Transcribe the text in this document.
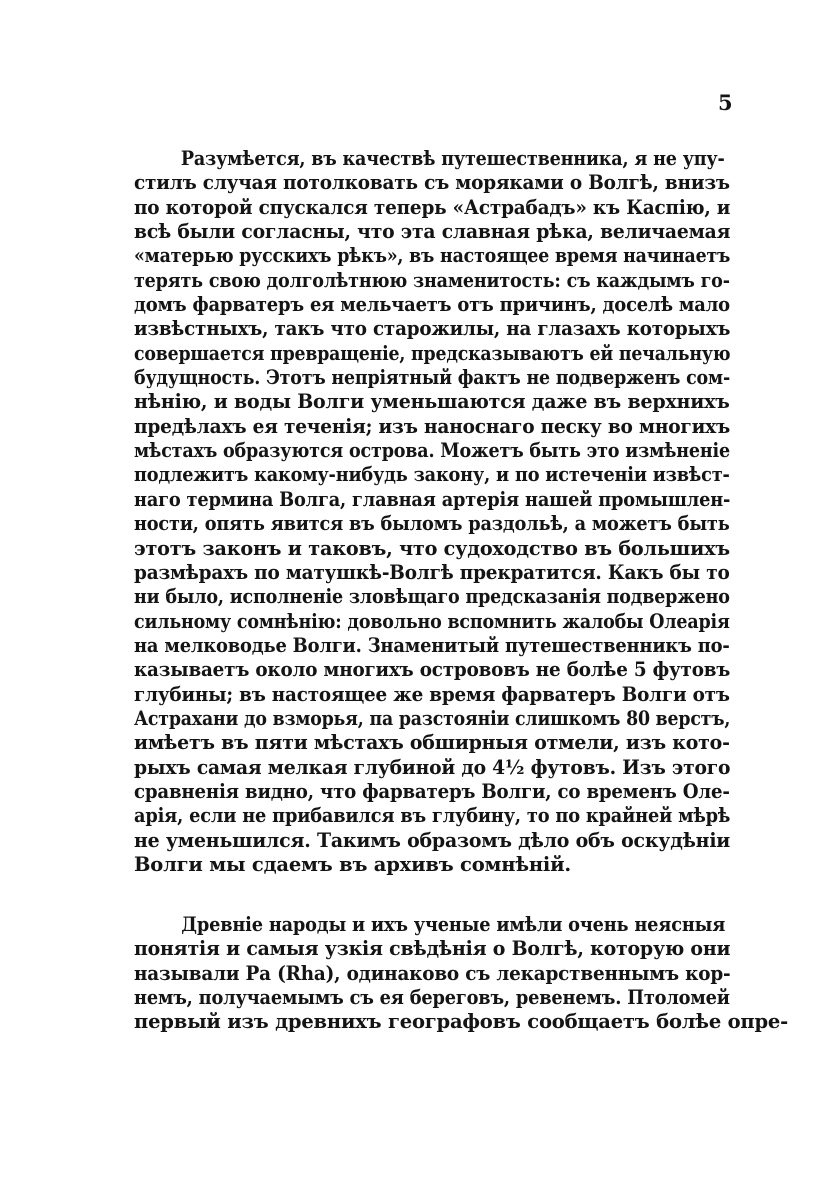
5
Разумѣется, въ качествѣ путешественника, я не упу-
стилъ случая потолковать съ моряками о Волгѣ, внизъ
по которой спускался теперь «Астрабадъ» къ Каспію, и
всѣ были согласны, что эта славная рѣка, величаемая
«матерью русскихъ рѣкъ», въ настоящее время начинаетъ
терять свою долголѣтнюю знаменитость: съ каждымъ го-
домъ фарватеръ ея мельчаетъ отъ причинъ, доселѣ мало
извѣстныхъ, такъ что старожилы, на глазахъ которыхъ
совершается превращеніе, предсказываютъ ей печальную
будущность. Этотъ непріятный фактъ не подверженъ сом-
нѣнію, и воды Волги уменьшаются даже въ верхнихъ
предѣлахъ ея теченія; изъ наноснаго песку во многихъ
мѣстахъ образуются острова. Можетъ быть это измѣненіе
подлежитъ какому-нибудь закону, и по истеченіи извѣст-
наго термина Волга, главная артерія нашей промышлен-
ности, опять явится въ быломъ раздольѣ, а можетъ быть
этотъ законъ и таковъ, что судоходство въ большихъ
размѣрахъ по матушкѣ-Волгѣ прекратится. Какъ бы то
ни было, исполненіе зловѣщаго предсказанія подвержено
сильному сомнѣнію: довольно вспомнить жалобы Олеарія
на мелководье Волги. Знаменитый путешественникъ по-
казываетъ около многихъ острововъ не болѣе 5 футовъ
глубины; въ настоящее же время фарватеръ Волги отъ
Астрахани до взморья, па разстояніи слишкомъ 80 верстъ,
имѣетъ въ пяти мѣстахъ обширныя отмели, изъ кото-
рыхъ самая мелкая глубиной до 4½ футовъ. Изъ этого
сравненія видно, что фарватеръ Волги, со временъ Оле-
арія, если не прибавился въ глубину, то по крайней мѣрѣ
не уменьшился. Такимъ образомъ дѣло объ оскудѣніи
Волги мы сдаемъ въ архивъ сомнѣній.
Древніе народы и ихъ ученые имѣли очень неясныя
понятія и самыя узкія свѣдѣнія о Волгѣ, которую они
называли Ра (Rha), одинаково съ лекарственнымъ кор-
немъ, получаемымъ съ ея береговъ, ревенемъ. Птоломей
первый изъ древнихъ географовъ сообщаетъ болѣе опре-
